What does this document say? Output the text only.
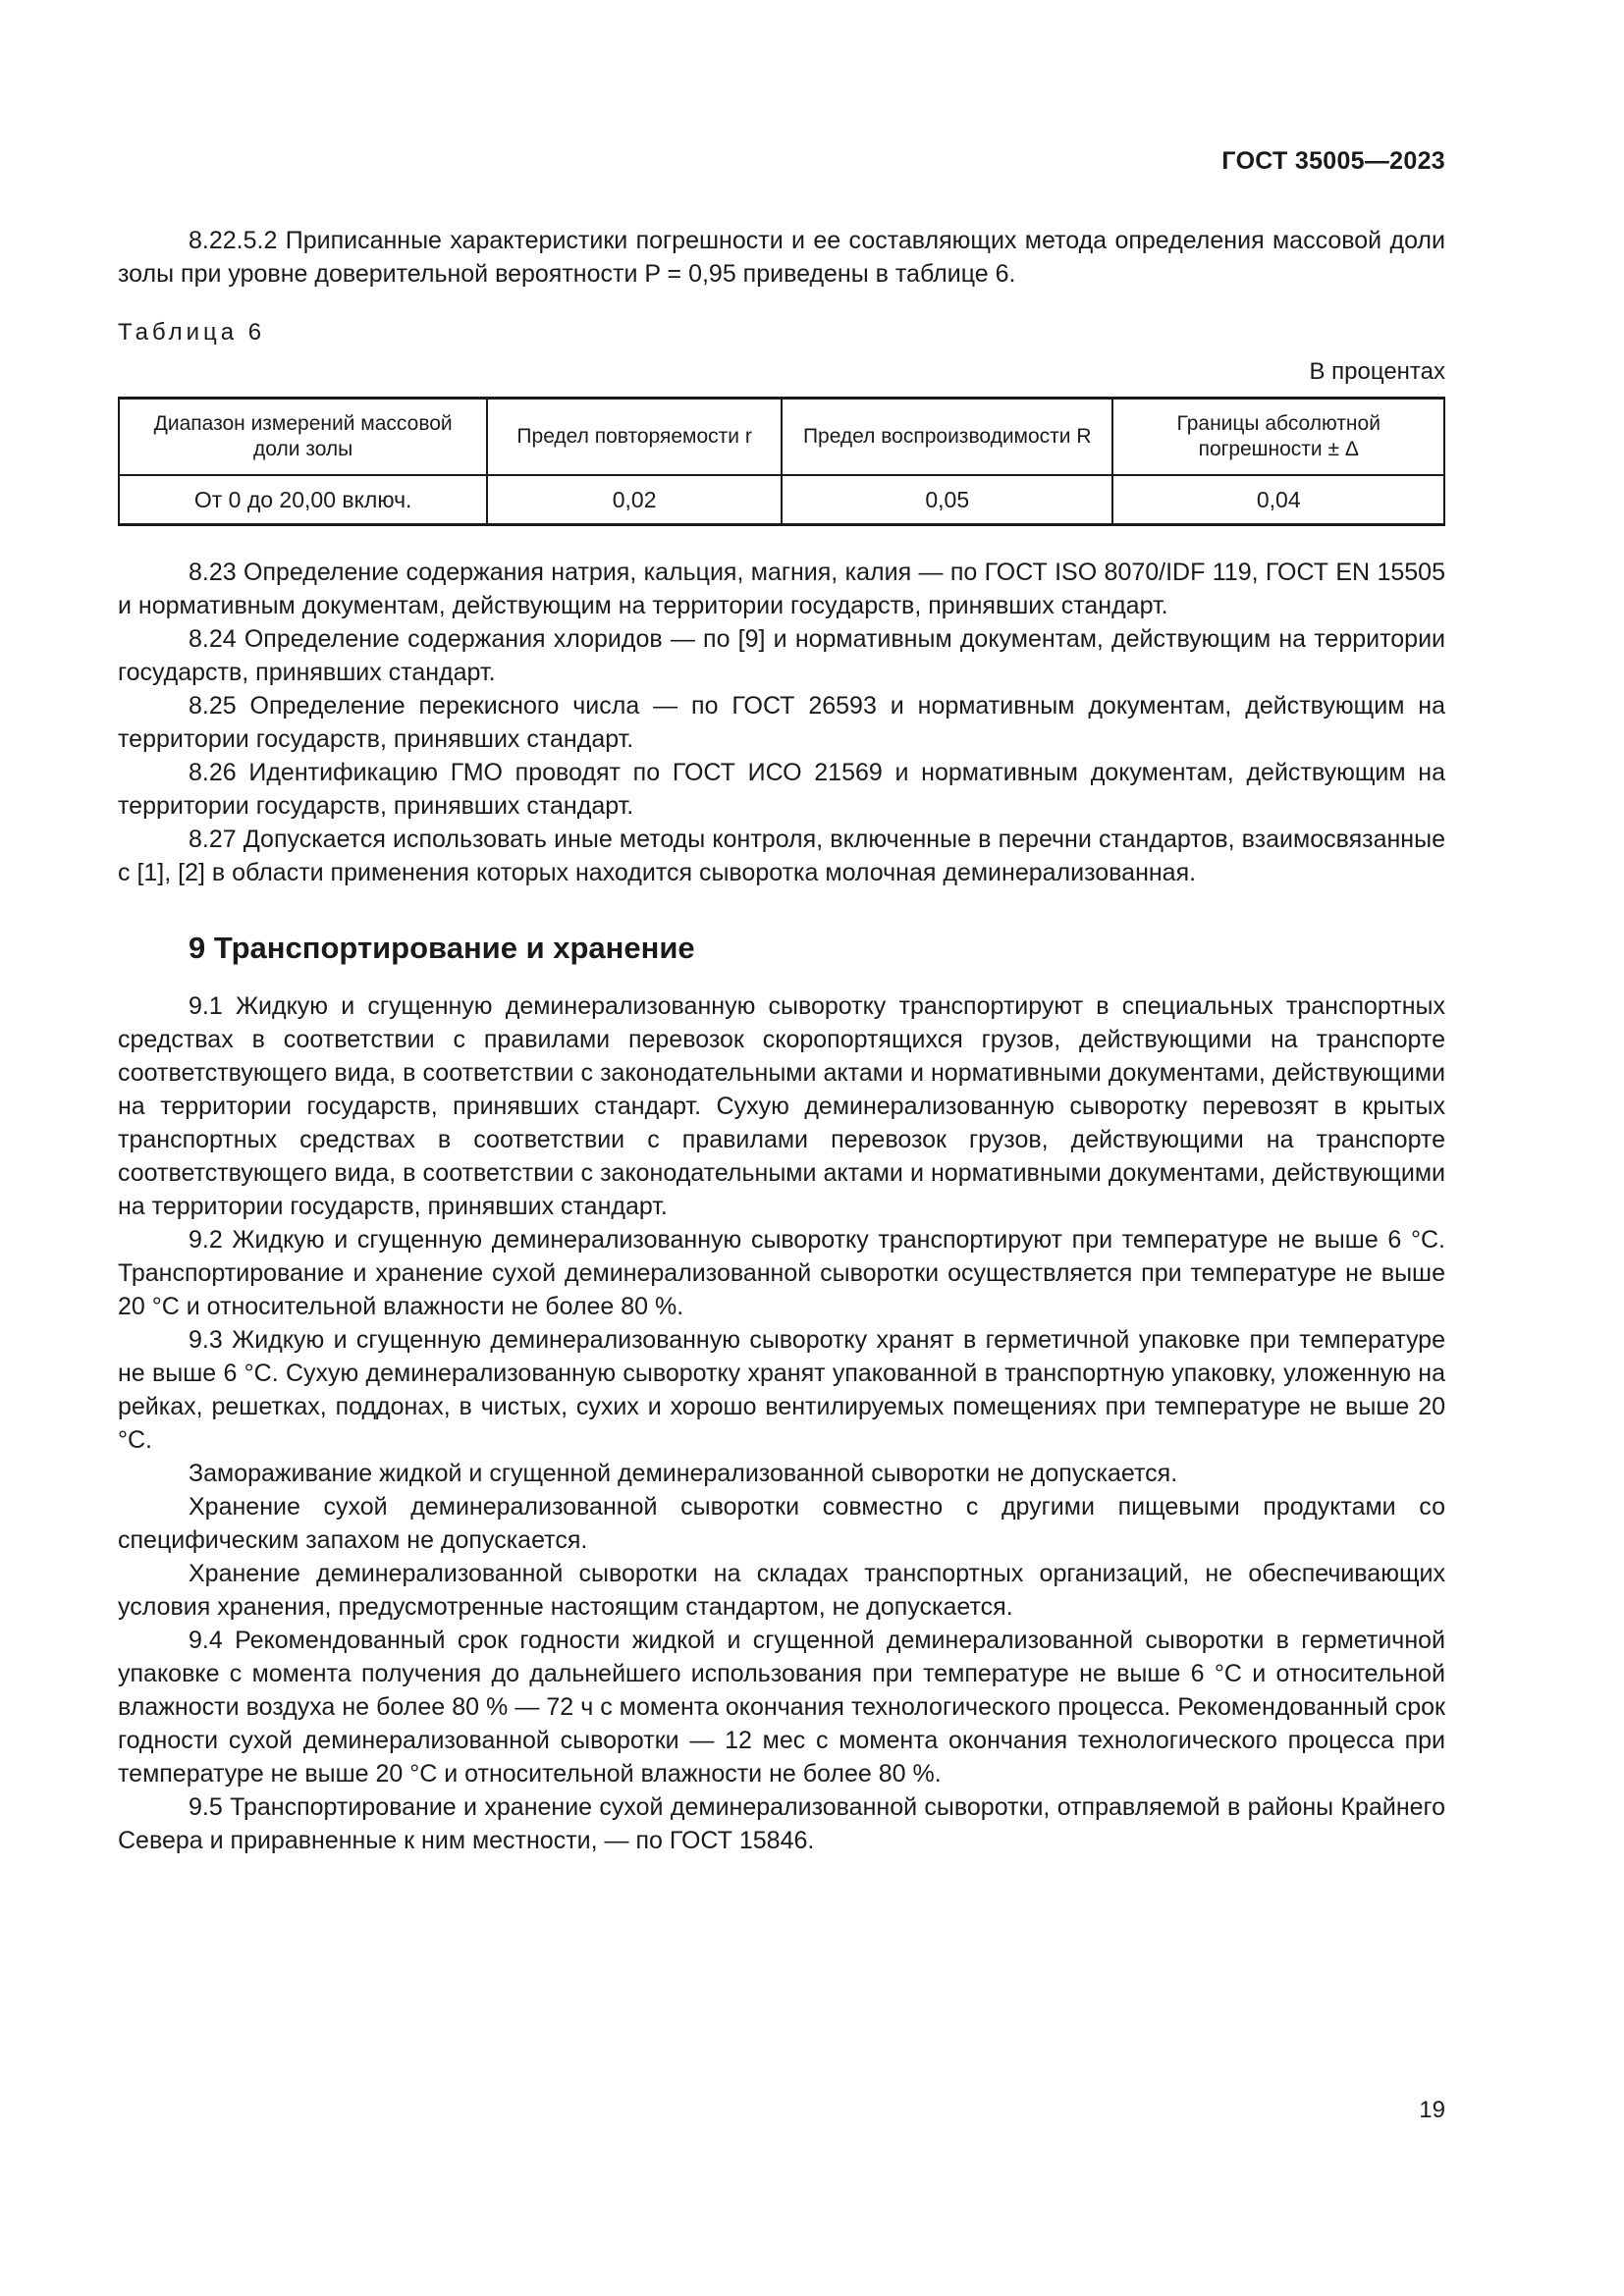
ГОСТ 35005—2023

8.22.5.2 Приписанные характеристики погрешности и ее составляющих метода определения массовой доли золы при уровне доверительной вероятности P = 0,95 приведены в таблице 6.

Таблица 6
В процентах
Диапазон измерений массовой доли золы	Предел повторяемости r	Предел воспроизводимости R	Границы абсолютной погрешности ± Δ
От 0 до 20,00 включ.	0,02	0,05	0,04

8.23 Определение содержания натрия, кальция, магния, калия — по ГОСТ ISO 8070/IDF 119, ГОСТ EN 15505 и нормативным документам, действующим на территории государств, принявших стандарт.

8.24 Определение содержания хлоридов — по [9] и нормативным документам, действующим на территории государств, принявших стандарт.

8.25 Определение перекисного числа — по ГОСТ 26593 и нормативным документам, действующим на территории государств, принявших стандарт.

8.26 Идентификацию ГМО проводят по ГОСТ ИСО 21569 и нормативным документам, действующим на территории государств, принявших стандарт.

8.27 Допускается использовать иные методы контроля, включенные в перечни стандартов, взаимосвязанные с [1], [2] в области применения которых находится сыворотка молочная деминерализованная.

9 Транспортирование и хранение

9.1 Жидкую и сгущенную деминерализованную сыворотку транспортируют в специальных транспортных средствах в соответствии с правилами перевозок скоропортящихся грузов, действующими на транспорте соответствующего вида, в соответствии с законодательными актами и нормативными документами, действующими на территории государств, принявших стандарт. Сухую деминерализованную сыворотку перевозят в крытых транспортных средствах в соответствии с правилами перевозок грузов, действующими на транспорте соответствующего вида, в соответствии с законодательными актами и нормативными документами, действующими на территории государств, принявших стандарт.

9.2 Жидкую и сгущенную деминерализованную сыворотку транспортируют при температуре не выше 6 °С. Транспортирование и хранение сухой деминерализованной сыворотки осуществляется при температуре не выше 20 °С и относительной влажности не более 80 %.

9.3 Жидкую и сгущенную деминерализованную сыворотку хранят в герметичной упаковке при температуре не выше 6 °С. Сухую деминерализованную сыворотку хранят упакованной в транспортную упаковку, уложенную на рейках, решетках, поддонах, в чистых, сухих и хорошо вентилируемых помещениях при температуре не выше 20 °С.

Замораживание жидкой и сгущенной деминерализованной сыворотки не допускается.

Хранение сухой деминерализованной сыворотки совместно с другими пищевыми продуктами со специфическим запахом не допускается.

Хранение деминерализованной сыворотки на складах транспортных организаций, не обеспечивающих условия хранения, предусмотренные настоящим стандартом, не допускается.

9.4 Рекомендованный срок годности жидкой и сгущенной деминерализованной сыворотки в герметичной упаковке с момента получения до дальнейшего использования при температуре не выше 6 °С и относительной влажности воздуха не более 80 % — 72 ч с момента окончания технологического процесса. Рекомендованный срок годности сухой деминерализованной сыворотки — 12 мес с момента окончания технологического процесса при температуре не выше 20 °С и относительной влажности не более 80 %.

9.5 Транспортирование и хранение сухой деминерализованной сыворотки, отправляемой в районы Крайнего Севера и приравненные к ним местности, — по ГОСТ 15846.

19
